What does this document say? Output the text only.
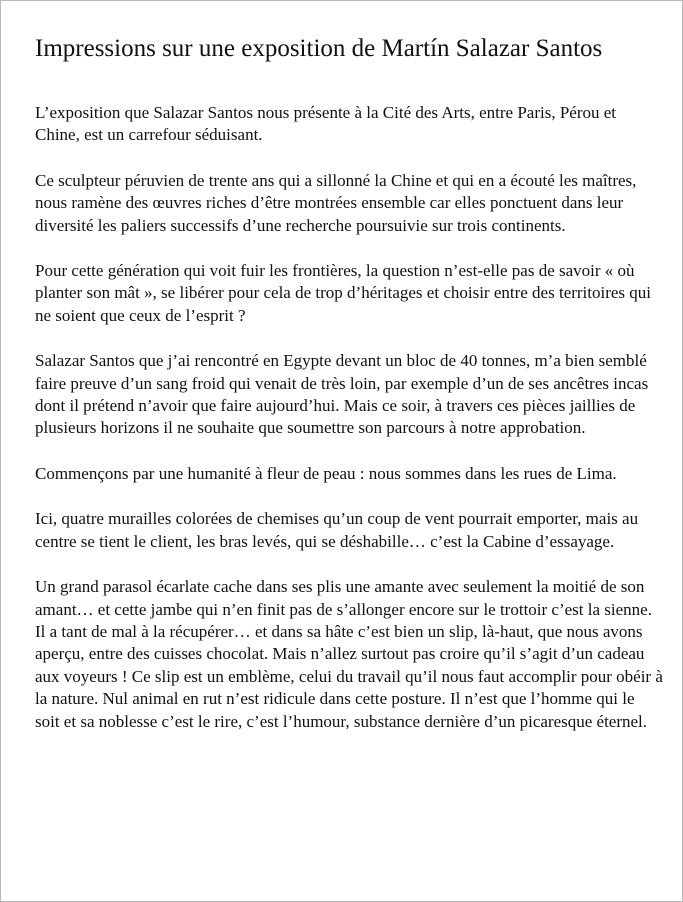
Impressions sur une exposition de Martín Salazar Santos

L’exposition que Salazar Santos nous présente à la Cité des Arts, entre Paris, Pérou et Chine, est un carrefour séduisant.

Ce sculpteur péruvien de trente ans qui a sillonné la Chine et qui en a écouté les maîtres, nous ramène des œuvres riches d’être montrées ensemble car elles ponctuent dans leur diversité les paliers successifs d’une recherche poursuivie sur trois continents.

Pour cette génération qui voit fuir les frontières, la question n’est-elle pas de savoir « où planter son mât », se libérer pour cela de trop d’héritages et choisir entre des territoires qui ne soient que ceux de l’esprit ?

Salazar Santos que j’ai rencontré en Egypte devant un bloc de 40 tonnes, m’a bien semblé faire preuve d’un sang froid qui venait de très loin, par exemple d’un de ses ancêtres incas dont il prétend n’avoir que faire aujourd’hui. Mais ce soir, à travers ces pièces jaillies de plusieurs horizons il ne souhaite que soumettre son parcours à notre approbation.

Commençons par une humanité à fleur de peau : nous sommes dans les rues de Lima.

Ici, quatre murailles colorées de chemises qu’un coup de vent pourrait emporter, mais au centre se tient le client, les bras levés, qui se déshabille… c’est la Cabine d’essayage.

Un grand parasol écarlate cache dans ses plis une amante avec seulement la moitié de son amant… et cette jambe qui n’en finit pas de s’allonger encore sur le trottoir c’est la sienne.

Il a tant de mal à la récupérer… et dans sa hâte c’est bien un slip, là-haut, que nous avons aperçu, entre des cuisses chocolat. Mais n’allez surtout pas croire qu’il s’agit d’un cadeau aux voyeurs ! Ce slip est un emblème, celui du travail qu’il nous faut accomplir pour obéir à la nature. Nul animal en rut n’est ridicule dans cette posture. Il n’est que l’homme qui le soit et sa noblesse c’est le rire, c’est l’humour, substance dernière d’un picaresque éternel.
